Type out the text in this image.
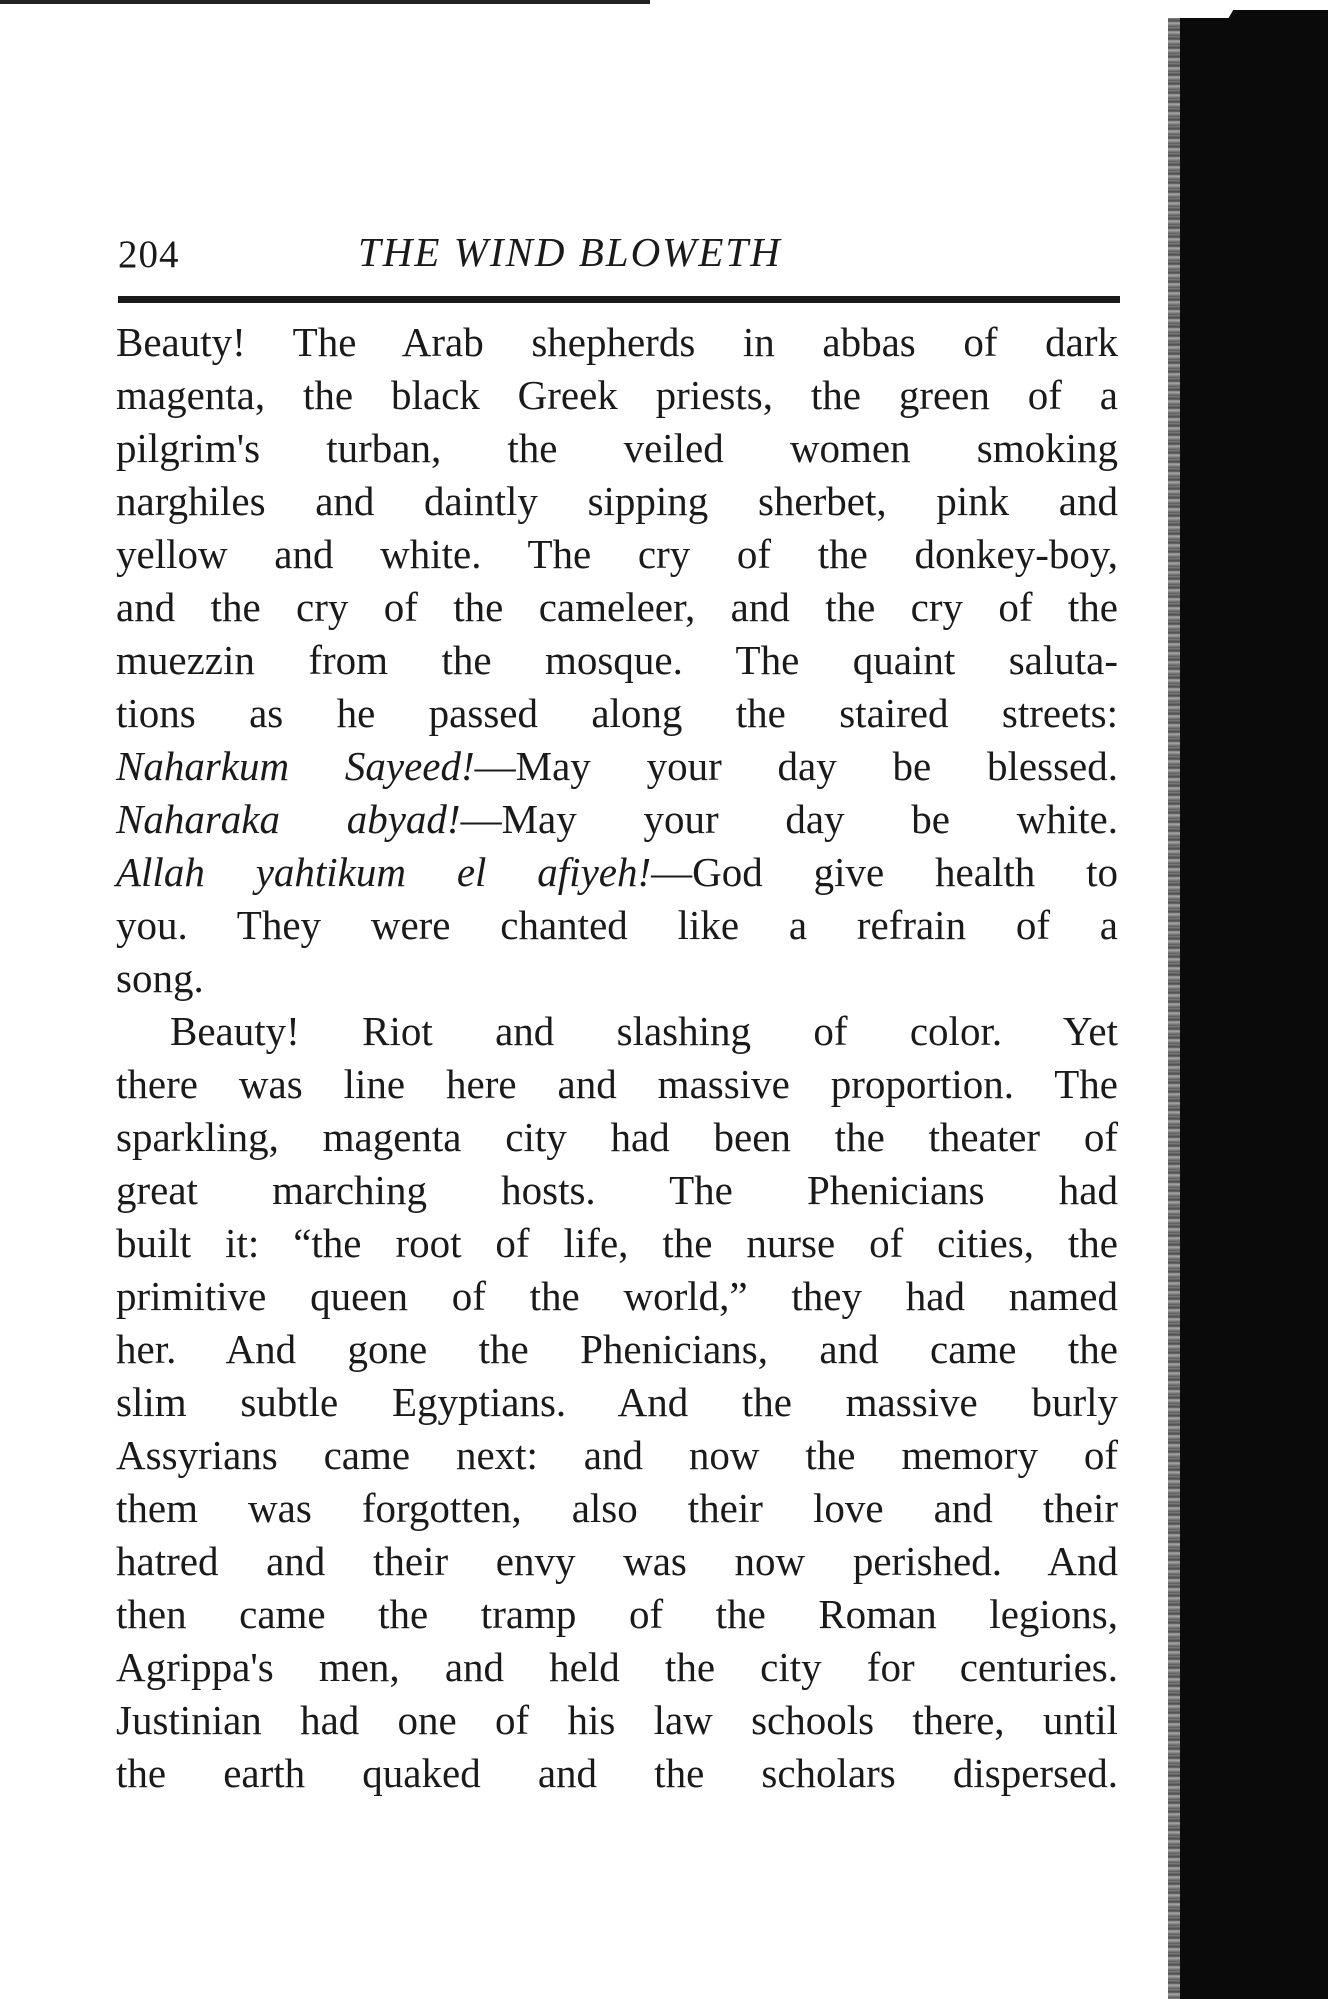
204	THE WIND BLOWETH
Beauty! The Arab shepherds in abbas of dark
magenta, the black Greek priests, the green of a
pilgrim's turban, the veiled women smoking
narghiles and daintly sipping sherbet, pink and
yellow and white. The cry of the donkey-boy,
and the cry of the cameleer, and the cry of the
muezzin from the mosque. The quaint saluta-
tions as he passed along the staired streets:
Naharkum Sayeed!—May your day be blessed.
Naharaka abyad!—May your day be white.
Allah yahtikum el afiyeh!—God give health to
you. They were chanted like a refrain of a
song.
Beauty! Riot and slashing of color. Yet
there was line here and massive proportion. The
sparkling, magenta city had been the theater of
great marching hosts. The Phenicians had
built it: “the root of life, the nurse of cities, the
primitive queen of the world,” they had named
her. And gone the Phenicians, and came the
slim subtle Egyptians. And the massive burly
Assyrians came next: and now the memory of
them was forgotten, also their love and their
hatred and their envy was now perished. And
then came the tramp of the Roman legions,
Agrippa's men, and held the city for centuries.
Justinian had one of his law schools there, until
the earth quaked and the scholars dispersed.
